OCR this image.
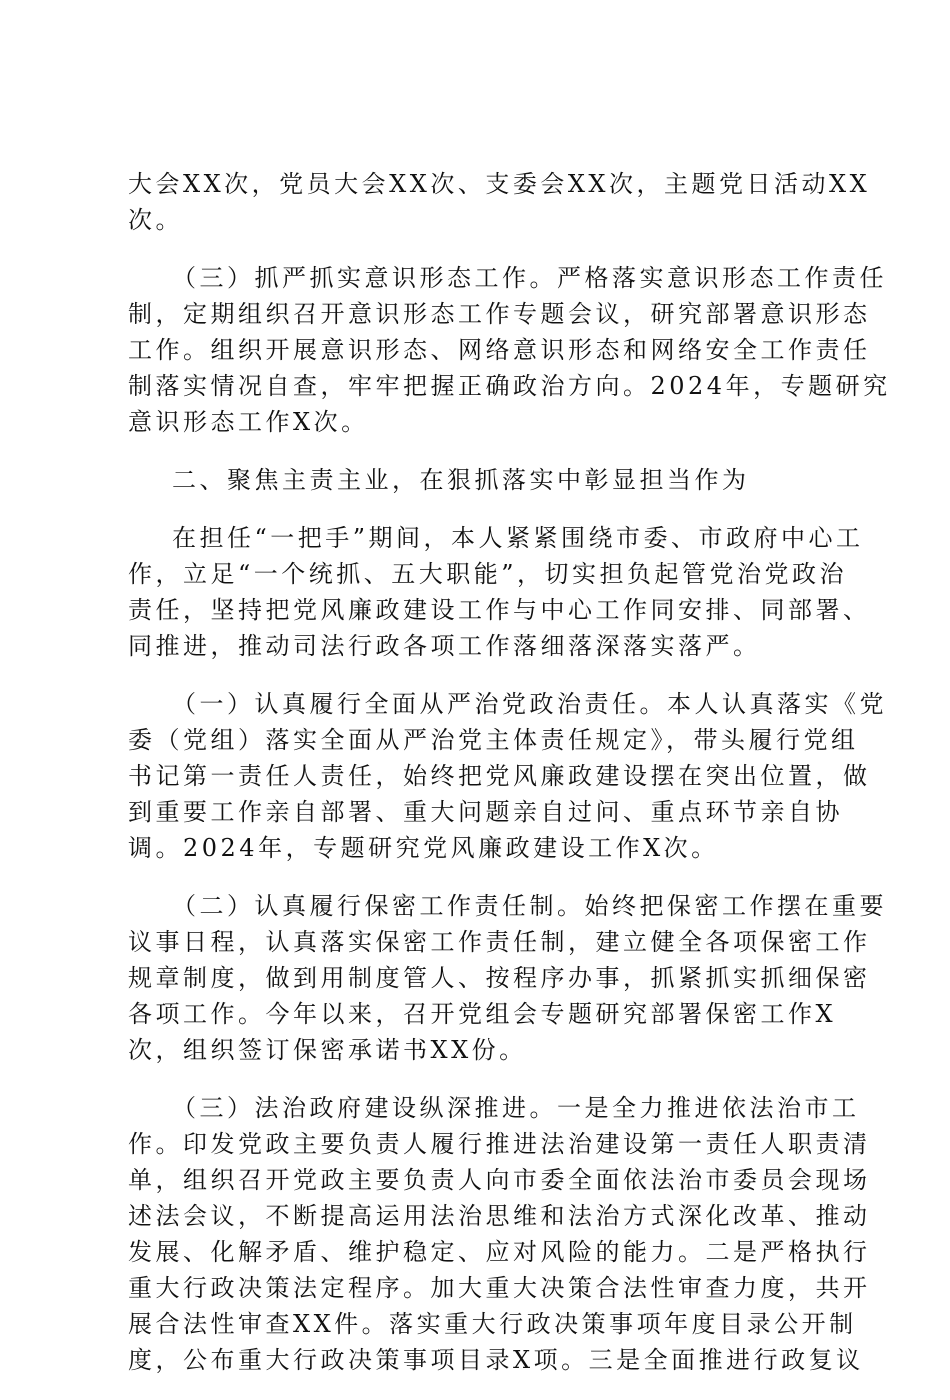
大会XX次，党员大会XX次、支委会XX次，主题党日活动XX
次。
（三）抓严抓实意识形态工作。严格落实意识形态工作责任
制，定期组织召开意识形态工作专题会议，研究部署意识形态
工作。组织开展意识形态、网络意识形态和网络安全工作责任
制落实情况自查，牢牢把握正确政治方向。2024年，专题研究
意识形态工作X次。
二、聚焦主责主业，在狠抓落实中彰显担当作为
在担任“一把手”期间，本人紧紧围绕市委、市政府中心工
作，立足“一个统抓、五大职能”，切实担负起管党治党政治
责任，坚持把党风廉政建设工作与中心工作同安排、同部署、
同推进，推动司法行政各项工作落细落深落实落严。
（一）认真履行全面从严治党政治责任。本人认真落实《党
委（党组）落实全面从严治党主体责任规定》，带头履行党组
书记第一责任人责任，始终把党风廉政建设摆在突出位置，做
到重要工作亲自部署、重大问题亲自过问、重点环节亲自协
调。2024年，专题研究党风廉政建设工作X次。
（二）认真履行保密工作责任制。始终把保密工作摆在重要
议事日程，认真落实保密工作责任制，建立健全各项保密工作
规章制度，做到用制度管人、按程序办事，抓紧抓实抓细保密
各项工作。今年以来，召开党组会专题研究部署保密工作X
次，组织签订保密承诺书XX份。
（三）法治政府建设纵深推进。一是全力推进依法治市工
作。印发党政主要负责人履行推进法治建设第一责任人职责清
单，组织召开党政主要负责人向市委全面依法治市委员会现场
述法会议，不断提高运用法治思维和法治方式深化改革、推动
发展、化解矛盾、维护稳定、应对风险的能力。二是严格执行
重大行政决策法定程序。加大重大决策合法性审查力度，共开
展合法性审查XX件。落实重大行政决策事项年度目录公开制
度，公布重大行政决策事项目录X项。三是全面推进行政复议
